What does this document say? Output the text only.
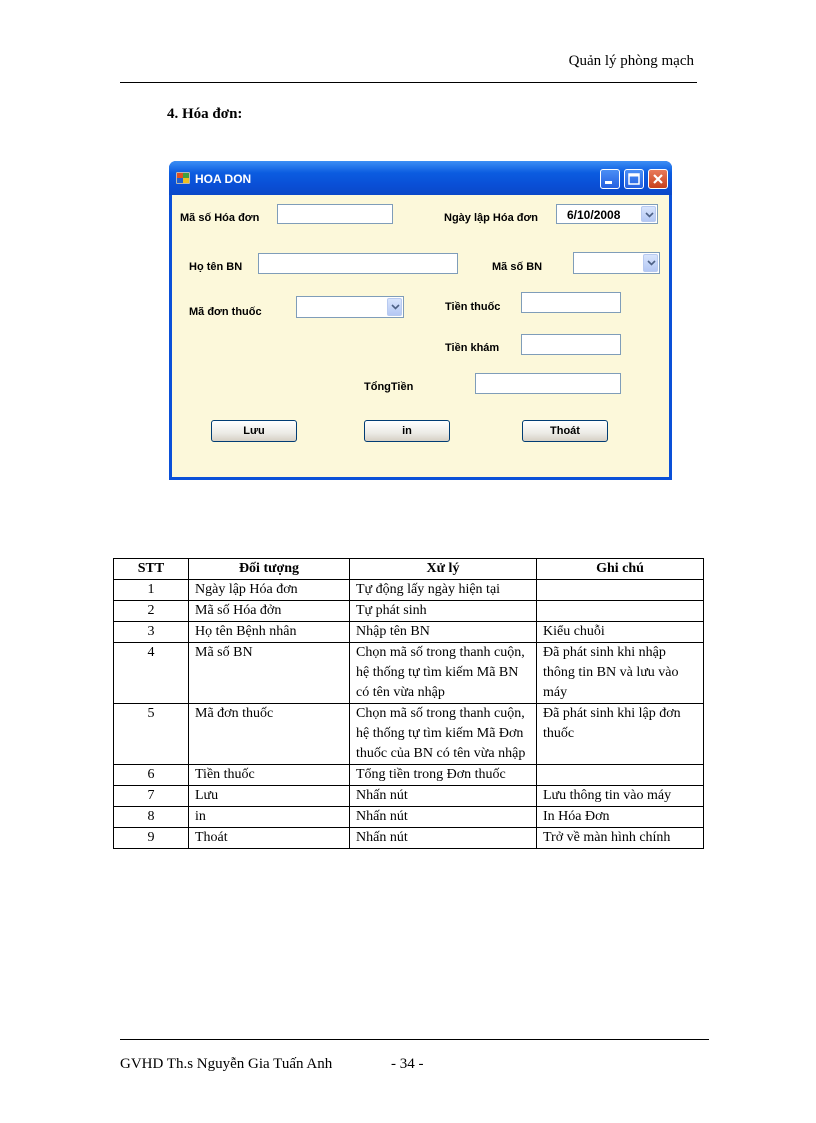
Quản lý phòng mạch
4. Hóa đơn:
HOA DON
Mã số Hóa đơn	Ngày lập Hóa đơn 6/10/2008
Họ tên BN	Mã số BN
Mã đơn thuốc	Tiền thuốc
Tiền khám
TổngTiền
Lưu	in	Thoát
STT	Đối tượng	Xử lý	Ghi chú
1	Ngày lập Hóa đơn	Tự động lấy ngày hiện tại	
2	Mã số Hóa đởn	Tự phát sinh	
3	Họ tên Bệnh nhân	Nhập tên BN	Kiểu chuỗi
4	Mã số BN	Chọn mã số trong thanh cuộn, hệ thống tự tìm kiếm Mã BN có tên vừa nhập	Đã phát sinh khi nhập thông tin BN và lưu vào máy
5	Mã đơn thuốc	Chọn mã số trong thanh cuộn, hệ thống tự tìm kiếm Mã Đơn thuốc của BN có tên vừa nhập	Đã phát sinh khi lập đơn thuốc
6	Tiền thuốc	Tổng tiền trong Đơn thuốc	
7	Lưu	Nhấn nút	Lưu thông tin vào máy
8	in	Nhấn nút	In Hóa Đơn
9	Thoát	Nhấn nút	Trở về màn hình chính
GVHD Th.s Nguyễn Gia Tuấn Anh	- 34 -
